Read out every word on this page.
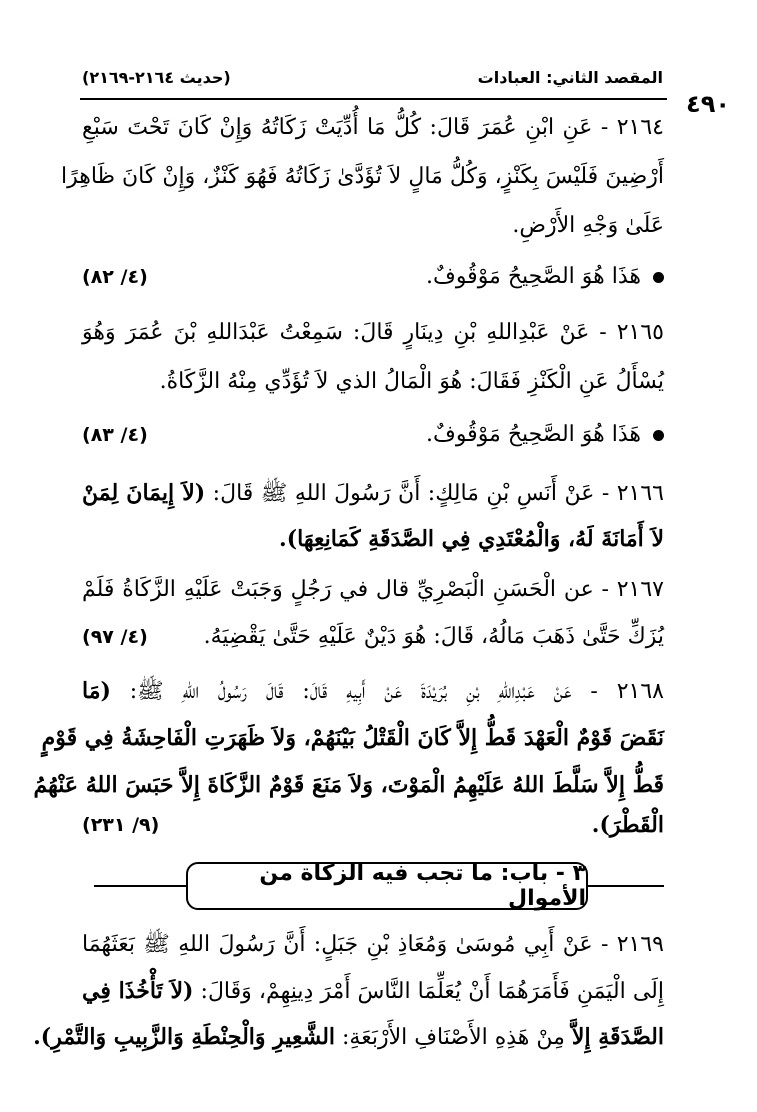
المقصد الثاني: العبادات
(حديث ٢١٦٤-٢١٦٩)
٤٩٠
٢١٦٤ - عَنِ ابْنِ عُمَرَ قَالَ: كُلُّ مَا أُدِّيَتْ زَكَاتُهُ وَإِنْ كَانَ تَحْتَ سَبْعِ
أَرْضِينَ فَلَيْسَ بِكَنْزٍ، وَكُلُّ مَالٍ لاَ تُؤَدَّىٰ زَكَاتُهُ فَهُوَ كَنْزٌ، وَإِنْ كَانَ ظَاهِرًا
عَلَىٰ وَجْهِ الأَرْضِ.
هَذَا هُوَ الصَّحِيحُ مَوْقُوفٌ.
(٤/ ٨٢)
٢١٦٥ - عَنْ عَبْدِاللهِ بْنِ دِينَارٍ قَالَ: سَمِعْتُ عَبْدَاللهِ بْنَ عُمَرَ وَهُوَ
يُسْأَلُ عَنِ الْكَنْزِ فَقَالَ: هُوَ الْمَالُ الذي لاَ تُؤَدِّي مِنْهُ الزَّكَاةُ.
هَذَا هُوَ الصَّحِيحُ مَوْقُوفٌ.
(٤/ ٨٣)
٢١٦٦ - عَنْ أَنَسِ بْنِ مَالِكٍ: أَنَّ رَسُولَ اللهِ ﷺ قَالَ: (لاَ إِيمَانَ لِمَنْ
لاَ أَمَانَةَ لَهُ، وَالْمُعْتَدِي فِي الصَّدَقَةِ كَمَانِعِهَا).
٢١٦٧ - عن الْحَسَنِ الْبَصْرِيِّ قال في رَجُلٍ وَجَبَتْ عَلَيْهِ الزَّكَاةُ فَلَمْ
يُزَكِّ حَتَّىٰ ذَهَبَ مَالُهُ، قَالَ: هُوَ دَيْنٌ عَلَيْهِ حَتَّىٰ يَقْضِيَهُ.
(٤/ ٩٧)
٢١٦٨ - عَنْ عَبْدِاللهِ بْنِ بُرَيْدَةَ عَنْ أَبِيهِ قَالَ: قَالَ رَسُولُ اللهِ ﷺ: (مَا
نَقَضَ قَوْمٌ الْعَهْدَ قَطُّ إِلاَّ كَانَ الْقَتْلُ بَيْنَهُمْ، وَلاَ ظَهَرَتِ الْفَاحِشَةُ فِي قَوْمٍ
قَطُّ إِلاَّ سَلَّطَ اللهُ عَلَيْهِمُ الْمَوْتَ، وَلاَ مَنَعَ قَوْمٌ الزَّكَاةَ إِلاَّ حَبَسَ اللهُ عَنْهُمُ
الْقَطْرَ).
(٩/ ٢٣١)
٣ - باب: ما تجب فيه الزكاة من الأموال
٢١٦٩ - عَنْ أَبِي مُوسَىٰ وَمُعَاذِ بْنِ جَبَلٍ: أَنَّ رَسُولَ اللهِ ﷺ بَعَثَهُمَا
إِلَى الْيَمَنِ فَأَمَرَهُمَا أَنْ يُعَلِّمَا النَّاسَ أَمْرَ دِينِهِمْ، وَقَالَ: (لاَ تَأْخُذَا فِي
الصَّدَقَةِ إِلاَّ مِنْ هَذِهِ الأَصْنَافِ الأَرْبَعَةِ: الشَّعِيرِ وَالْحِنْطَةِ وَالزَّبِيبِ وَالتَّمْرِ).
